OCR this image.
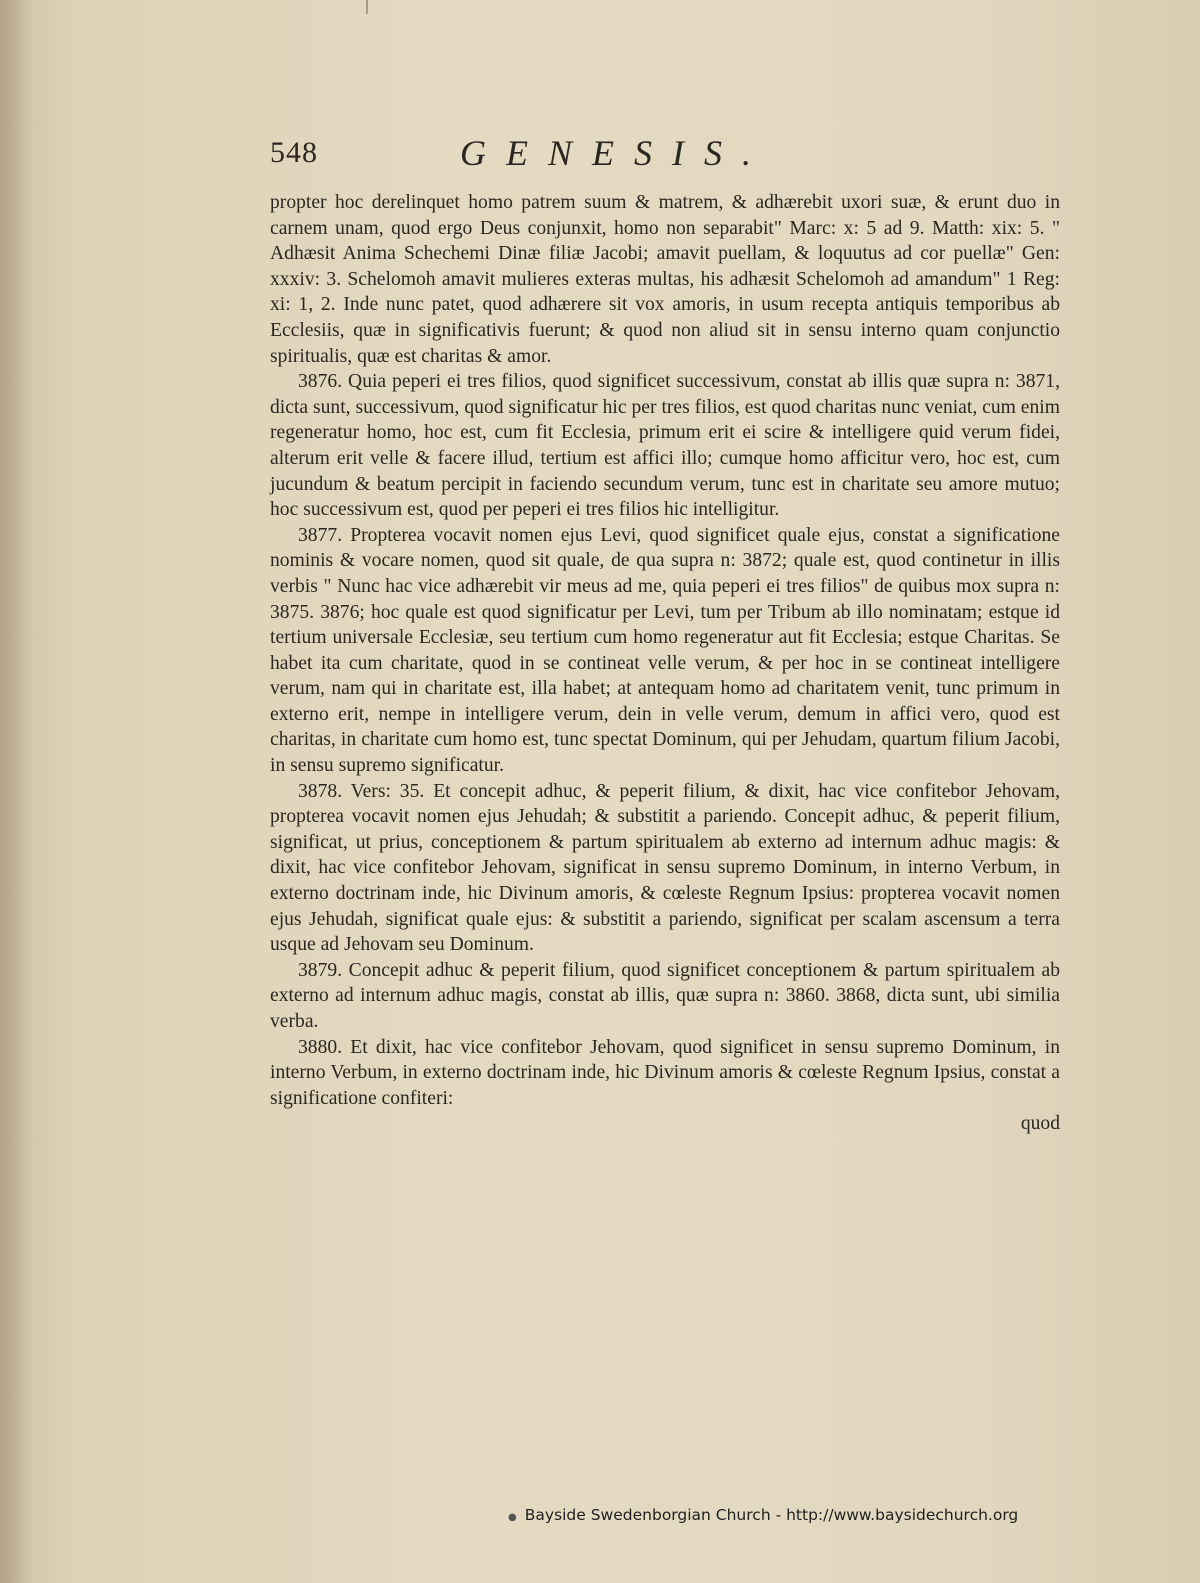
548	GENESIS.

propter hoc derelinquet homo patrem suum & matrem, & adhærebit uxori suæ, & erunt duo in carnem unam, quod ergo Deus conjunxit, homo non separabit" Marc: x: 5 ad 9. Matth: xix: 5. " Adhæsit Anima Schechemi Dinæ filiæ Jacobi; amavit puellam, & loquutus ad cor puellæ" Gen: xxxiv: 3. Schelomoh amavit mulieres exteras multas, his adhæsit Schelomoh ad amandum" 1 Reg: xi: 1, 2. Inde nunc patet, quod adhærere sit vox amoris, in usum recepta antiquis temporibus ab Ecclesiis, quæ in significativis fuerunt; & quod non aliud sit in sensu interno quam conjunctio spiritualis, quæ est charitas & amor.

3876. Quia peperi ei tres filios, quod significet successivum, constat ab illis quæ supra n: 3871, dicta sunt, successivum, quod significatur hic per tres filios, est quod charitas nunc veniat, cum enim regeneratur homo, hoc est, cum fit Ecclesia, primum erit ei scire & intelligere quid verum fidei, alterum erit velle & facere illud, tertium est affici illo; cumque homo afficitur vero, hoc est, cum jucundum & beatum percipit in faciendo secundum verum, tunc est in charitate seu amore mutuo; hoc successivum est, quod per peperi ei tres filios hic intelligitur.

3877. Propterea vocavit nomen ejus Levi, quod significet quale ejus, constat a significatione nominis & vocare nomen, quod sit quale, de qua supra n: 3872; quale est, quod continetur in illis verbis " Nunc hac vice adhærebit vir meus ad me, quia peperi ei tres filios" de quibus mox supra n: 3875. 3876; hoc quale est quod significatur per Levi, tum per Tribum ab illo nominatam; estque id tertium universale Ecclesiæ, seu tertium cum homo regeneratur aut fit Ecclesia; estque Charitas. Se habet ita cum charitate, quod in se contineat velle verum, & per hoc in se contineat intelligere verum, nam qui in charitate est, illa habet; at antequam homo ad charitatem venit, tunc primum in externo erit, nempe in intelligere verum, dein in velle verum, demum in affici vero, quod est charitas, in charitate cum homo est, tunc spectat Dominum, qui per Jehudam, quartum filium Jacobi, in sensu supremo significatur.

3878. Vers: 35. Et concepit adhuc, & peperit filium, & dixit, hac vice confitebor Jehovam, propterea vocavit nomen ejus Jehudah; & substitit a pariendo. Concepit adhuc, & peperit filium, significat, ut prius, conceptionem & partum spiritualem ab externo ad internum adhuc magis: & dixit, hac vice confitebor Jehovam, significat in sensu supremo Dominum, in interno Verbum, in externo doctrinam inde, hic Divinum amoris, & cœleste Regnum Ipsius: propterea vocavit nomen ejus Jehudah, significat quale ejus: & substitit a pariendo, significat per scalam ascensum a terra usque ad Jehovam seu Dominum.

3879. Concepit adhuc & peperit filium, quod significet conceptionem & partum spiritualem ab externo ad internum adhuc magis, constat ab illis, quæ supra n: 3860. 3868, dicta sunt, ubi similia verba.

3880. Et dixit, hac vice confitebor Jehovam, quod significet in sensu supremo Dominum, in interno Verbum, in externo doctrinam inde, hic Divinum amoris & cœleste Regnum Ipsius, constat a significatione confiteri:

quod

● Bayside Swedenborgian Church - http://www.baysidechurch.org
